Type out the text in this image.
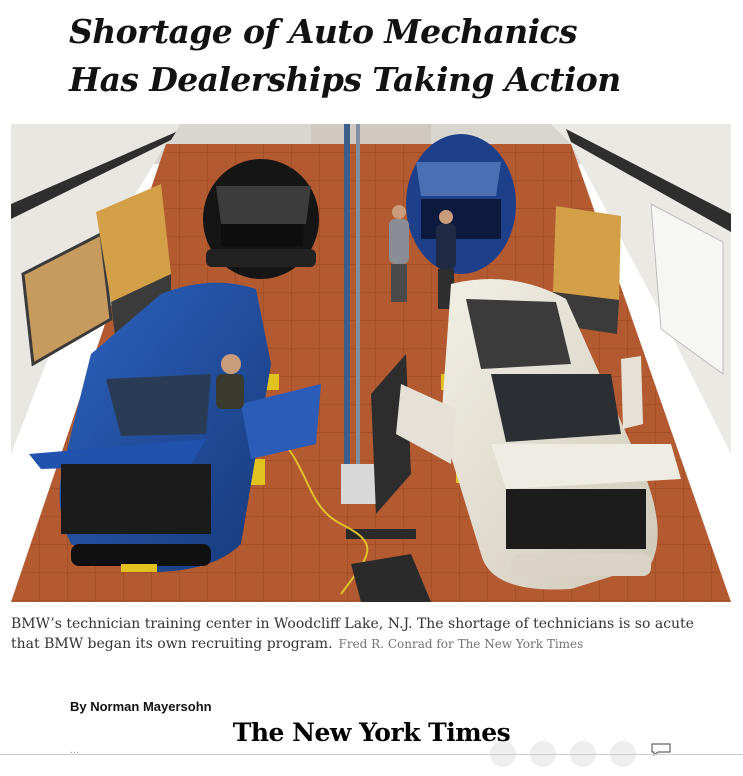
Shortage of Auto Mechanics
Has Dealerships Taking Action
BMW’s technician training center in Woodcliff Lake, N.J. The shortage of technicians is so acute that BMW began its own recruiting program. Fred R. Conrad for The New York Times
By Norman Mayersohn
...
The New York Times
